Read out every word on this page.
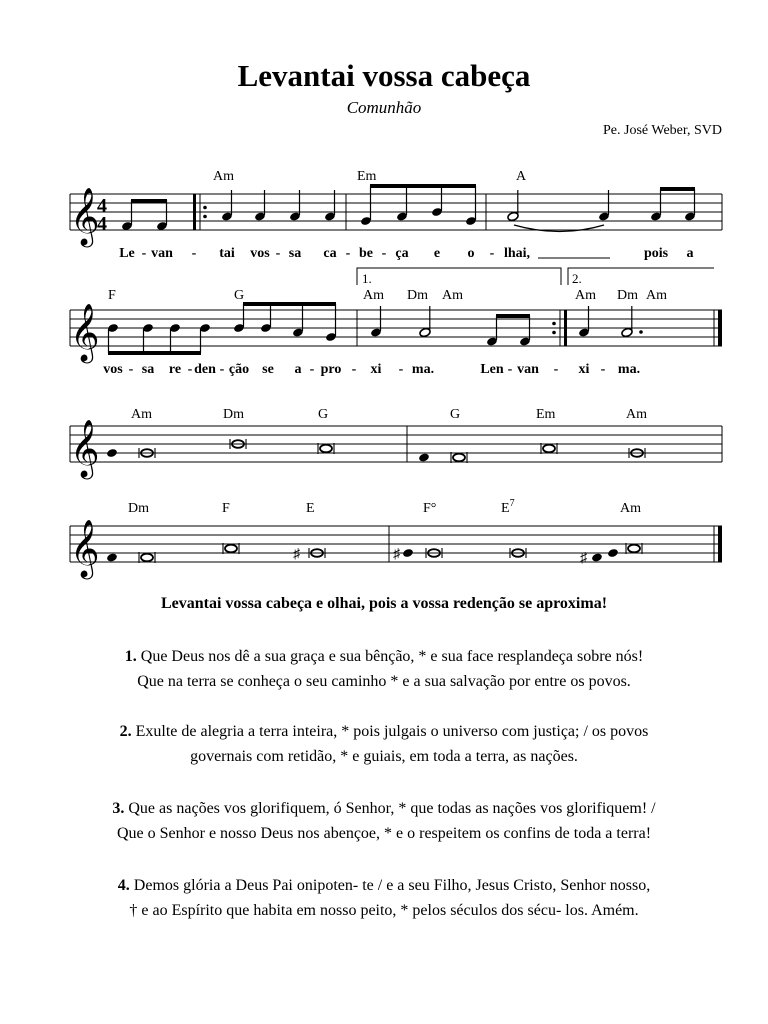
Levantai vossa cabeça
Comunhão
Pe. José Weber, SVD
𝄞
4
4
Am	Em	A
Le - van - tai vos - sa ca - be - ça e o - lhai,	pois a
𝄞
1.	2.
F	G	Am Dm Am	Am Dm Am
vos - sa re - den - ção se a - pro - xi - ma.	Len - van - xi - ma.
𝄞
Am	Dm	G	G	Em	Am
𝄞	♯	♯	♯
Dm	F	E	F°	$E^7$	Am
Levantai vossa cabeça e olhai, pois a vossa redenção se aproxima!
1. Que Deus nos dê a sua graça e sua bênção, * e sua face resplandeça sobre nós!
Que na terra se conheça o seu caminho * e a sua salvação por entre os povos.
2. Exulte de alegria a terra inteira, * pois julgais o universo com justiça; / os povos
governais com retidão, * e guiais, em toda a terra, as nações.
3. Que as nações vos glorifiquem, ó Senhor, * que todas as nações vos glorifiquem! /
Que o Senhor e nosso Deus nos abençoe, * e o respeitem os confins de toda a terra!
4. Demos glória a Deus Pai onipoten- te / e a seu Filho, Jesus Cristo, Senhor nosso,
† e ao Espírito que habita em nosso peito, * pelos séculos dos sécu- los. Amém.
